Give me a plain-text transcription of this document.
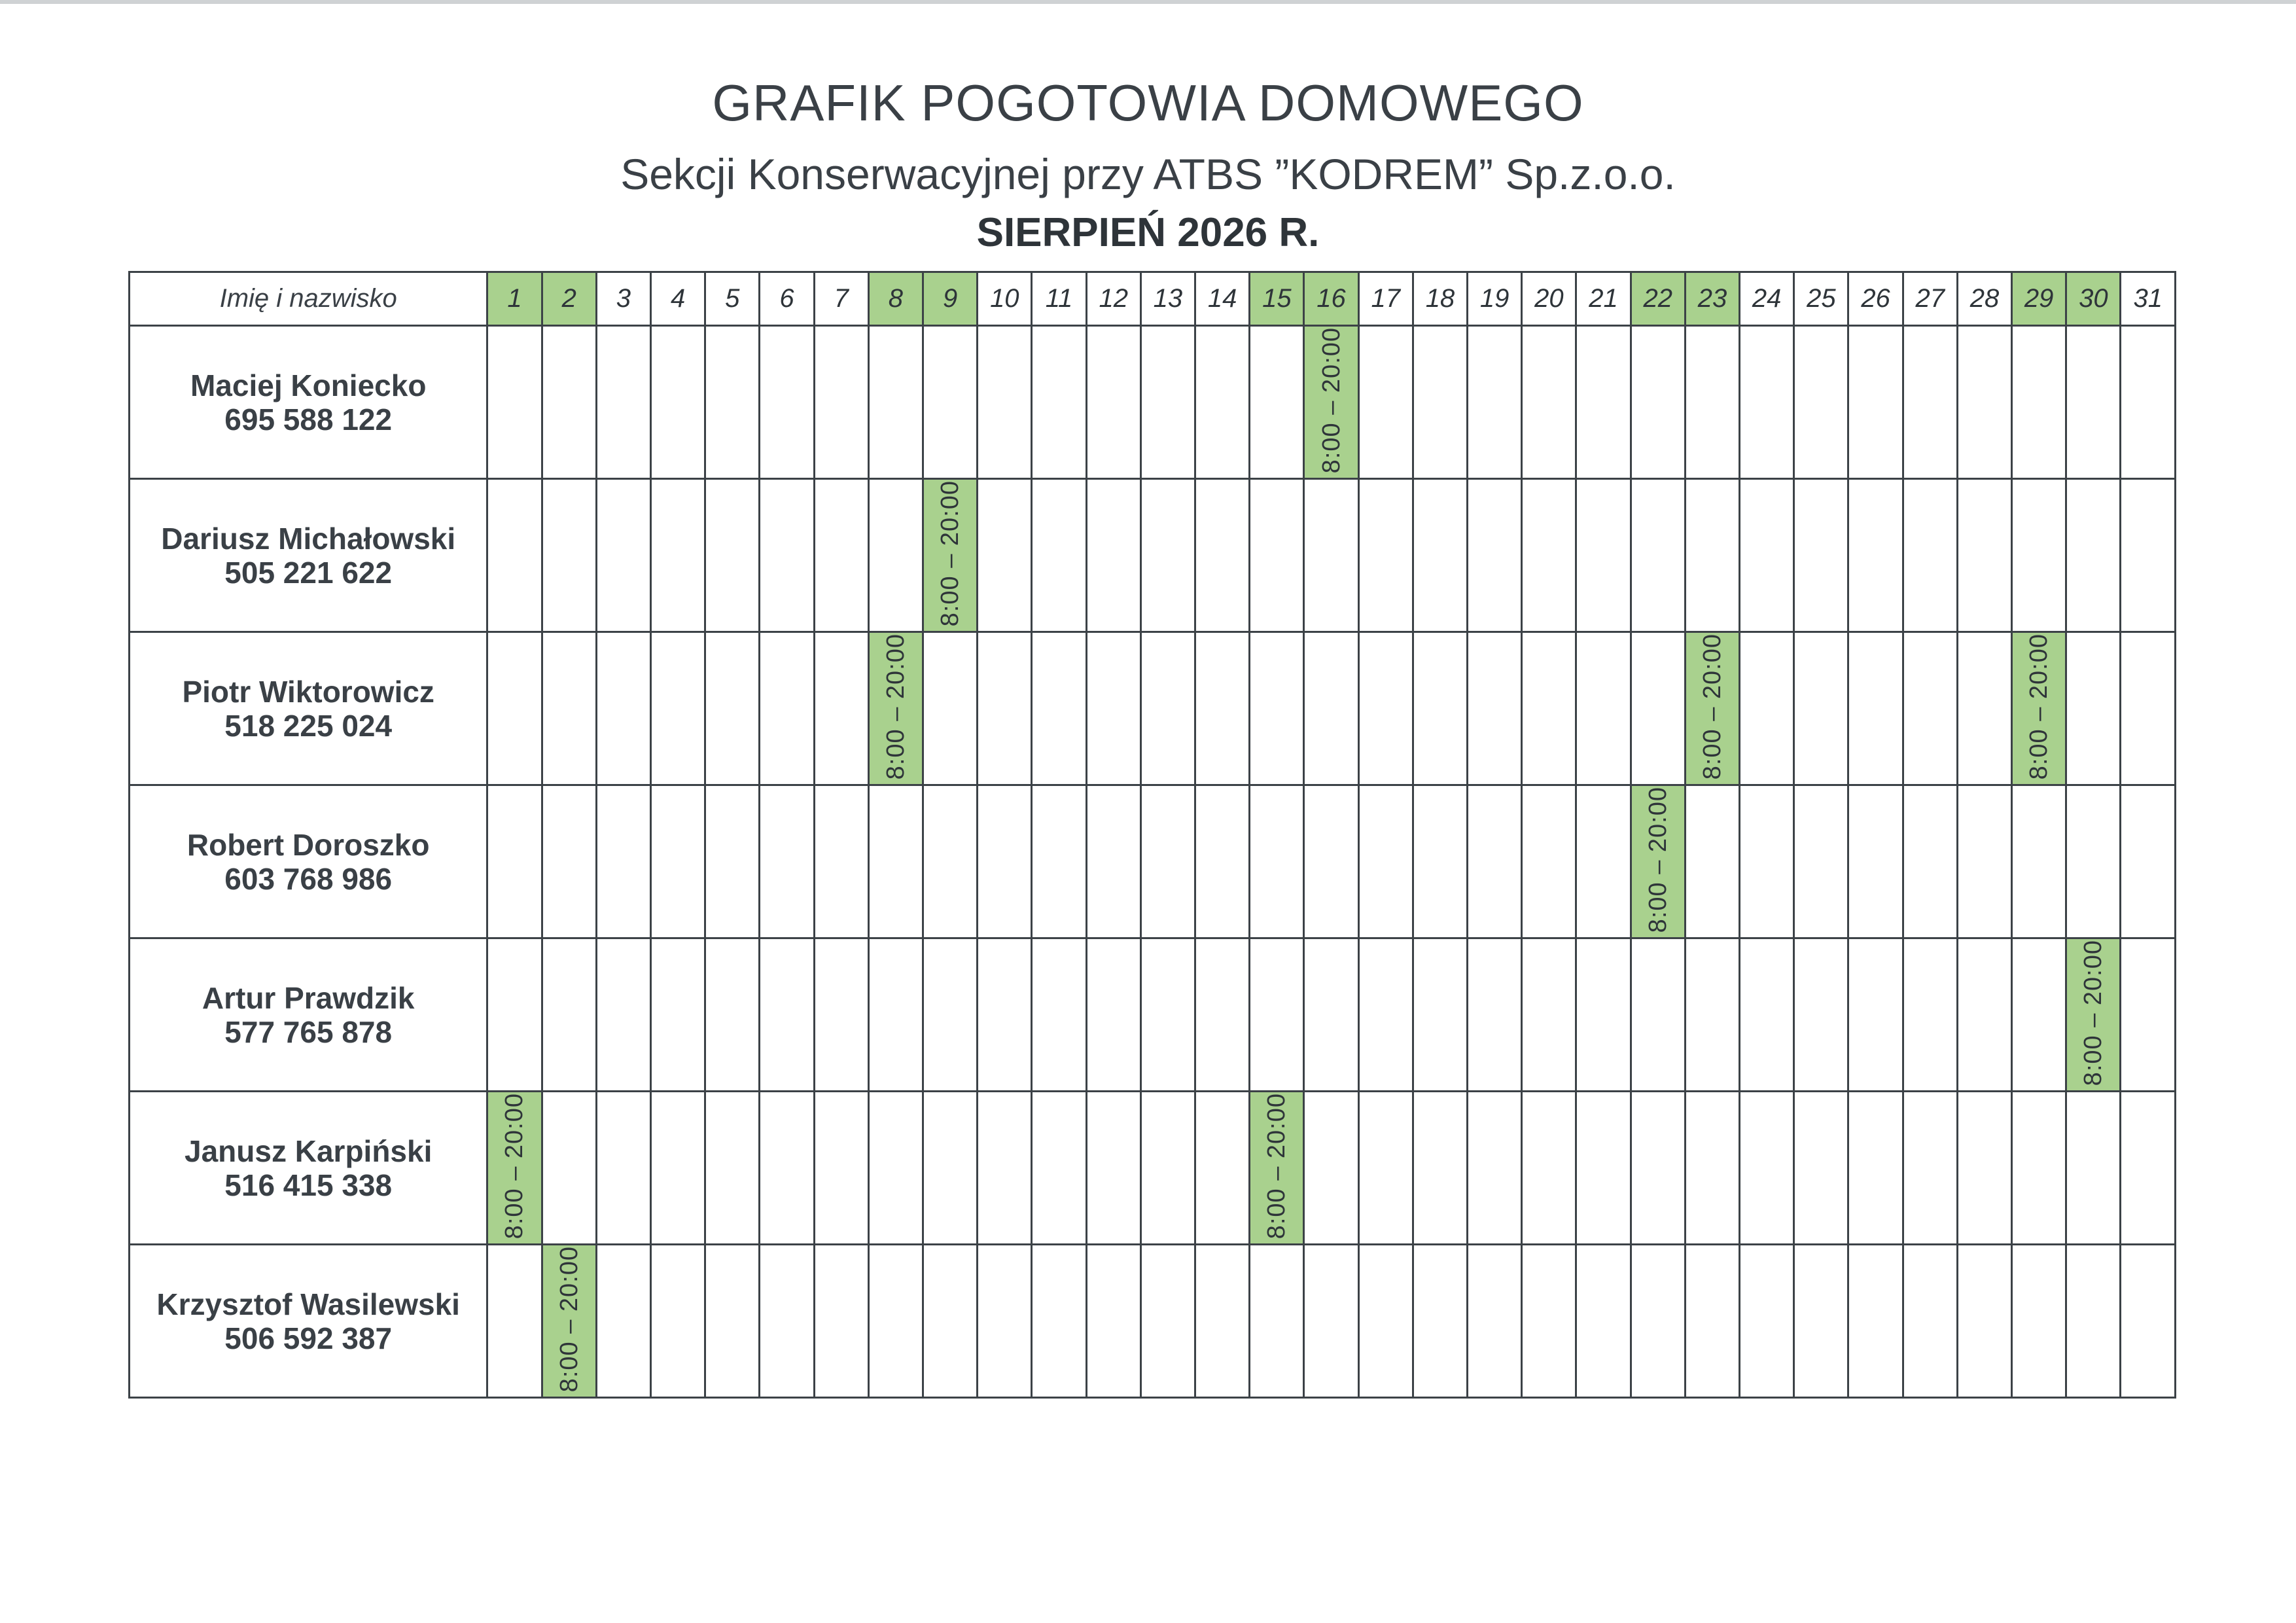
GRAFIK POGOTOWIA DOMOWEGO
Sekcji Konserwacyjnej przy ATBS ”KODREM” Sp.z.o.o.
SIERPIEŃ 2026 R.
Imię i nazwisko	1	2	3	4	5	6	7	8	9	10	11	12	13	14	15	16	17	18	19	20	21	22	23	24	25	26	27	28	29	30	31

Maciej Koniecko
695 588 122																8:00 – 20:00															

Dariusz Michałowski
505 221 622									8:00 – 20:00																						

Piotr Wiktorowicz
518 225 024								8:00 – 20:00															8:00 – 20:00						8:00 – 20:00		

Robert Doroszko
603 768 986																						8:00 – 20:00									

Artur Prawdzik
577 765 878																														8:00 – 20:00	

Janusz Karpiński
516 415 338	8:00 – 20:00														8:00 – 20:00																

Krzysztof Wasilewski
506 592 387		8:00 – 20:00																													
